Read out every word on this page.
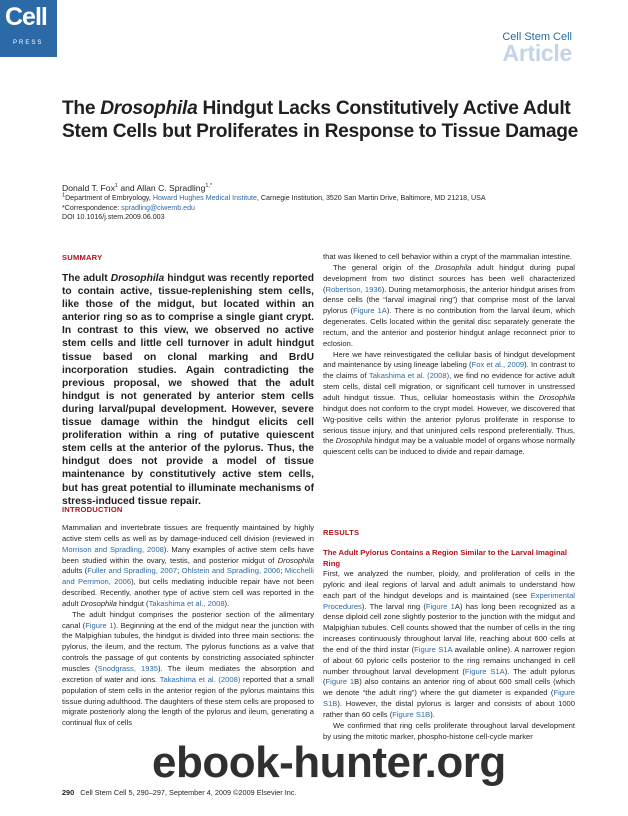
Cell
PRESS	Cell Stem Cell
Article
The Drosophila Hindgut Lacks Constitutively Active Adult Stem Cells but Proliferates in Response to Tissue Damage
Donald T. Fox$^1$ and Allan C. Spradling$^{1,*}$
$^1$Department of Embryology, Howard Hughes Medical Institute, Carnegie Institution, 3520 San Martin Drive, Baltimore, MD 21218, USA
*Correspondence: spradling@ciwemb.edu
DOI 10.1016/j.stem.2009.06.003
SUMMARY
The adult Drosophila hindgut was recently reported to contain active, tissue-replenishing stem cells, like those of the midgut, but located within an anterior ring so as to comprise a single giant crypt. In contrast to this view, we observed no active stem cells and little cell turnover in adult hindgut tissue based on clonal marking and BrdU incorporation studies. Again contradicting the previous proposal, we showed that the adult hindgut is not generated by anterior stem cells during larval/pupal development. However, severe tissue damage within the hindgut elicits cell proliferation within a ring of putative quiescent stem cells at the anterior of the pylorus. Thus, the hindgut does not provide a model of tissue maintenance by constitutively active stem cells, but has great potential to illuminate mechanisms of stress-induced tissue repair.
INTRODUCTION

Mammalian and invertebrate tissues are frequently maintained by highly active stem cells as well as by damage-induced cell division (reviewed in Morrison and Spradling, 2008). Many examples of active stem cells have been studied within the ovary, testis, and posterior midgut of Drosophila adults (Fuller and Spradling, 2007; Ohlstein and Spradling, 2006; Micchelli and Perrimon, 2006), but cells mediating inducible repair have not been described. Recently, another type of active stem cell was reported in the adult Drosophila hindgut (Takashima et al., 2008).

The adult hindgut comprises the posterior section of the alimentary canal (Figure 1). Beginning at the end of the midgut near the junction with the Malpighian tubules, the hindgut is divided into three main sections: the pylorus, the ileum, and the rectum. The pylorus functions as a valve that controls the passage of gut contents by constricting associated sphincter muscles (Snodgrass, 1935). The ileum mediates the absorption and excretion of water and ions. Takashima et al. (2008) reported that a small population of stem cells in the anterior region of the pylorus maintains this tissue during adulthood. The daughters of these stem cells are proposed to migrate posteriorly along the length of the pylorus and ileum, generating a continual flux of cells

that was likened to cell behavior within a crypt of the mammalian intestine.

The general origin of the Drosophila adult hindgut during pupal development from two distinct sources has been well characterized (Robertson, 1936). During metamorphosis, the anterior hindgut arises from dense cells (the “larval imaginal ring”) that comprise most of the larval pylorus (Figure 1A). There is no contribution from the larval ileum, which degenerates. Cells located within the genital disc separately generate the rectum, and the anterior and posterior hindgut anlage reconnect prior to eclosion.

Here we have reinvestigated the cellular basis of hindgut development and maintenance by using lineage labeling (Fox et al., 2009). In contrast to the claims of Takashima et al. (2008), we find no evidence for active adult stem cells, distal cell migration, or significant cell turnover in unstressed adult hindgut tissue. Thus, cellular homeostasis within the Drosophila hindgut does not conform to the crypt model. However, we discovered that Wg-positive cells within the anterior pylorus proliferate in response to serious tissue injury, and that uninjured cells respond preferentially. Thus, the Drosophila hindgut may be a valuable model of organs whose normally quiescent cells can be induced to divide and repair damage.

RESULTS
The Adult Pylorus Contains a Region Similar to the Larval Imaginal Ring

First, we analyzed the number, ploidy, and proliferation of cells in the pyloric and ileal regions of larval and adult animals to understand how each part of the hindgut develops and is maintained (see Experimental Procedures). The larval ring (Figure 1A) has long been recognized as a dense diploid cell zone slightly posterior to the junction with the midgut and Malpighian tubules. Cell counts showed that the number of cells in the ring increases continuously throughout larval life, reaching about 600 cells at the end of the third instar (Figure S1A available online). A narrower region of about 60 pyloric cells posterior to the ring remains unchanged in cell number throughout larval development (Figure S1A). The adult pylorus (Figure 1B) also contains an anterior ring of about 600 small cells (which we denote “the adult ring”) where the gut diameter is expanded (Figure S1B). However, the distal pylorus is larger and consists of about 1000 rather than 60 cells (Figure S1B).

We confirmed that ring cells proliferate throughout larval development by using the mitotic marker, phospho-histone cell-cycle marker

290 Cell Stem Cell 5, 290–297, September 4, 2009 ©2009 Elsevier Inc.
ebook-hunter.org
